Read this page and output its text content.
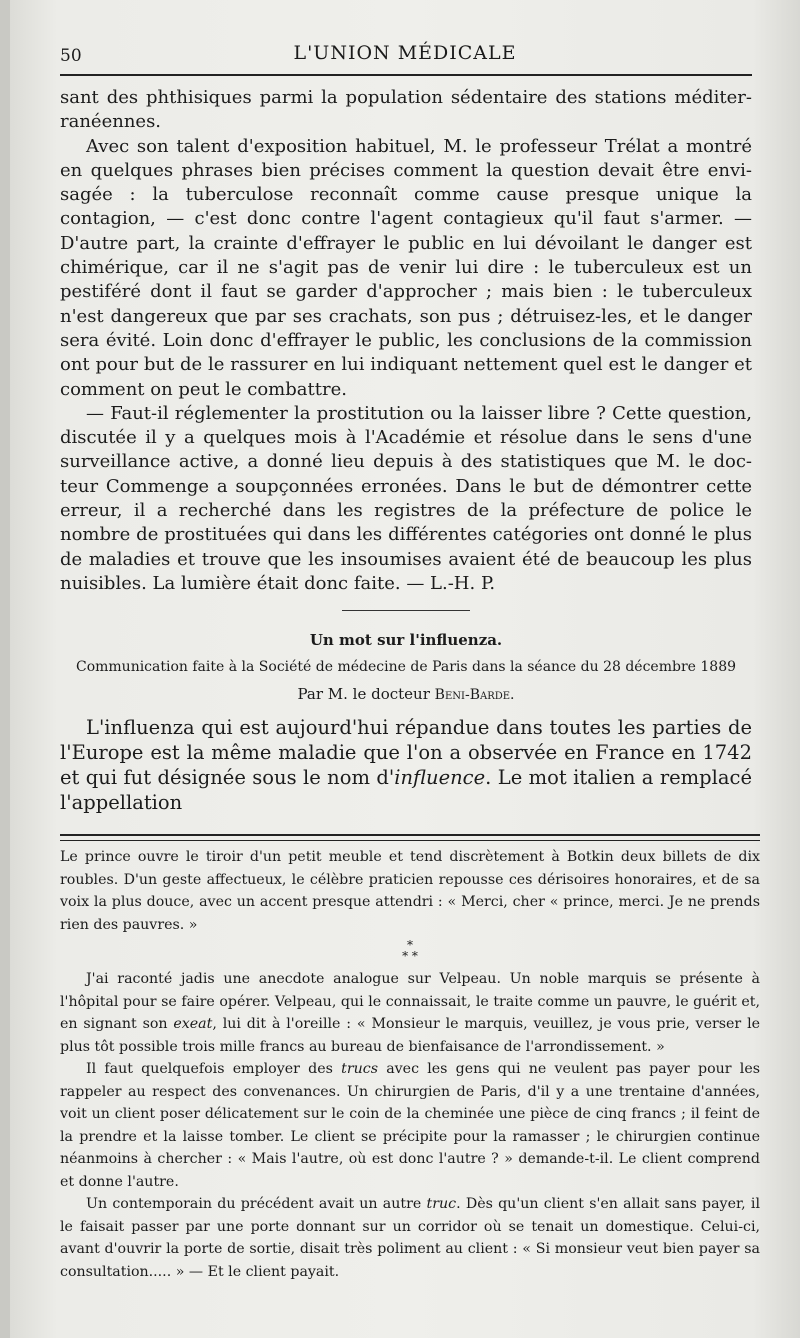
50	L'UNION MÉDICALE

sant des phthisiques parmi la population sédentaire des stations méditerranéennes.

Avec son talent d'exposition habituel, M. le professeur Trélat a montré en quelques phrases bien précises comment la question devait être envisagée : la tuberculose reconnaît comme cause presque unique la contagion, — c'est donc contre l'agent contagieux qu'il faut s'armer. — D'autre part, la crainte d'effrayer le public en lui dévoilant le danger est chimérique, car il ne s'agit pas de venir lui dire : le tuberculeux est un pestiféré dont il faut se garder d'approcher ; mais bien : le tuberculeux n'est dangereux que par ses crachats, son pus ; détruisez-les, et le danger sera évité. Loin donc d'effrayer le public, les conclusions de la commission ont pour but de le rassurer en lui indiquant nettement quel est le danger et comment on peut le combattre.

— Faut-il réglementer la prostitution ou la laisser libre ? Cette question, discutée il y a quelques mois à l'Académie et résolue dans le sens d'une surveillance active, a donné lieu depuis à des statistiques que M. le docteur Commenge a soupçonnées erronées. Dans le but de démontrer cette erreur, il a recherché dans les registres de la préfecture de police le nombre de prostituées qui dans les différentes catégories ont donné le plus de maladies et trouve que les insoumises avaient été de beaucoup les plus nuisibles. La lumière était donc faite. — L.-H. P.

Un mot sur l'influenza.
Communication faite à la Société de médecine de Paris dans la séance du 28 décembre 1889
Par M. le docteur Beni-Barde.

L'influenza qui est aujourd'hui répandue dans toutes les parties de l'Europe est la même maladie que l'on a observée en France en 1742 et qui fut désignée sous le nom d'influence. Le mot italien a remplacé l'appellation

Le prince ouvre le tiroir d'un petit meuble et tend discrètement à Botkin deux billets de dix roubles. D'un geste affectueux, le célèbre praticien repousse ces dérisoires honoraires, et de sa voix la plus douce, avec un accent presque attendri : « Merci, cher « prince, merci. Je ne prends rien des pauvres. »

*
* *

J'ai raconté jadis une anecdote analogue sur Velpeau. Un noble marquis se présente à l'hôpital pour se faire opérer. Velpeau, qui le connaissait, le traite comme un pauvre, le guérit et, en signant son exeat, lui dit à l'oreille : « Monsieur le marquis, veuillez, je vous prie, verser le plus tôt possible trois mille francs au bureau de bienfaisance de l'arrondissement. »

Il faut quelquefois employer des trucs avec les gens qui ne veulent pas payer pour les rappeler au respect des convenances. Un chirurgien de Paris, d'il y a une trentaine d'années, voit un client poser délicatement sur le coin de la cheminée une pièce de cinq francs ; il feint de la prendre et la laisse tomber. Le client se précipite pour la ramasser ; le chirurgien continue néanmoins à chercher : « Mais l'autre, où est donc l'autre ? » demande-t-il. Le client comprend et donne l'autre.

Un contemporain du précédent avait un autre truc. Dès qu'un client s'en allait sans payer, il le faisait passer par une porte donnant sur un corridor où se tenait un domestique. Celui-ci, avant d'ouvrir la porte de sortie, disait très poliment au client : « Si monsieur veut bien payer sa consultation..... » — Et le client payait.
